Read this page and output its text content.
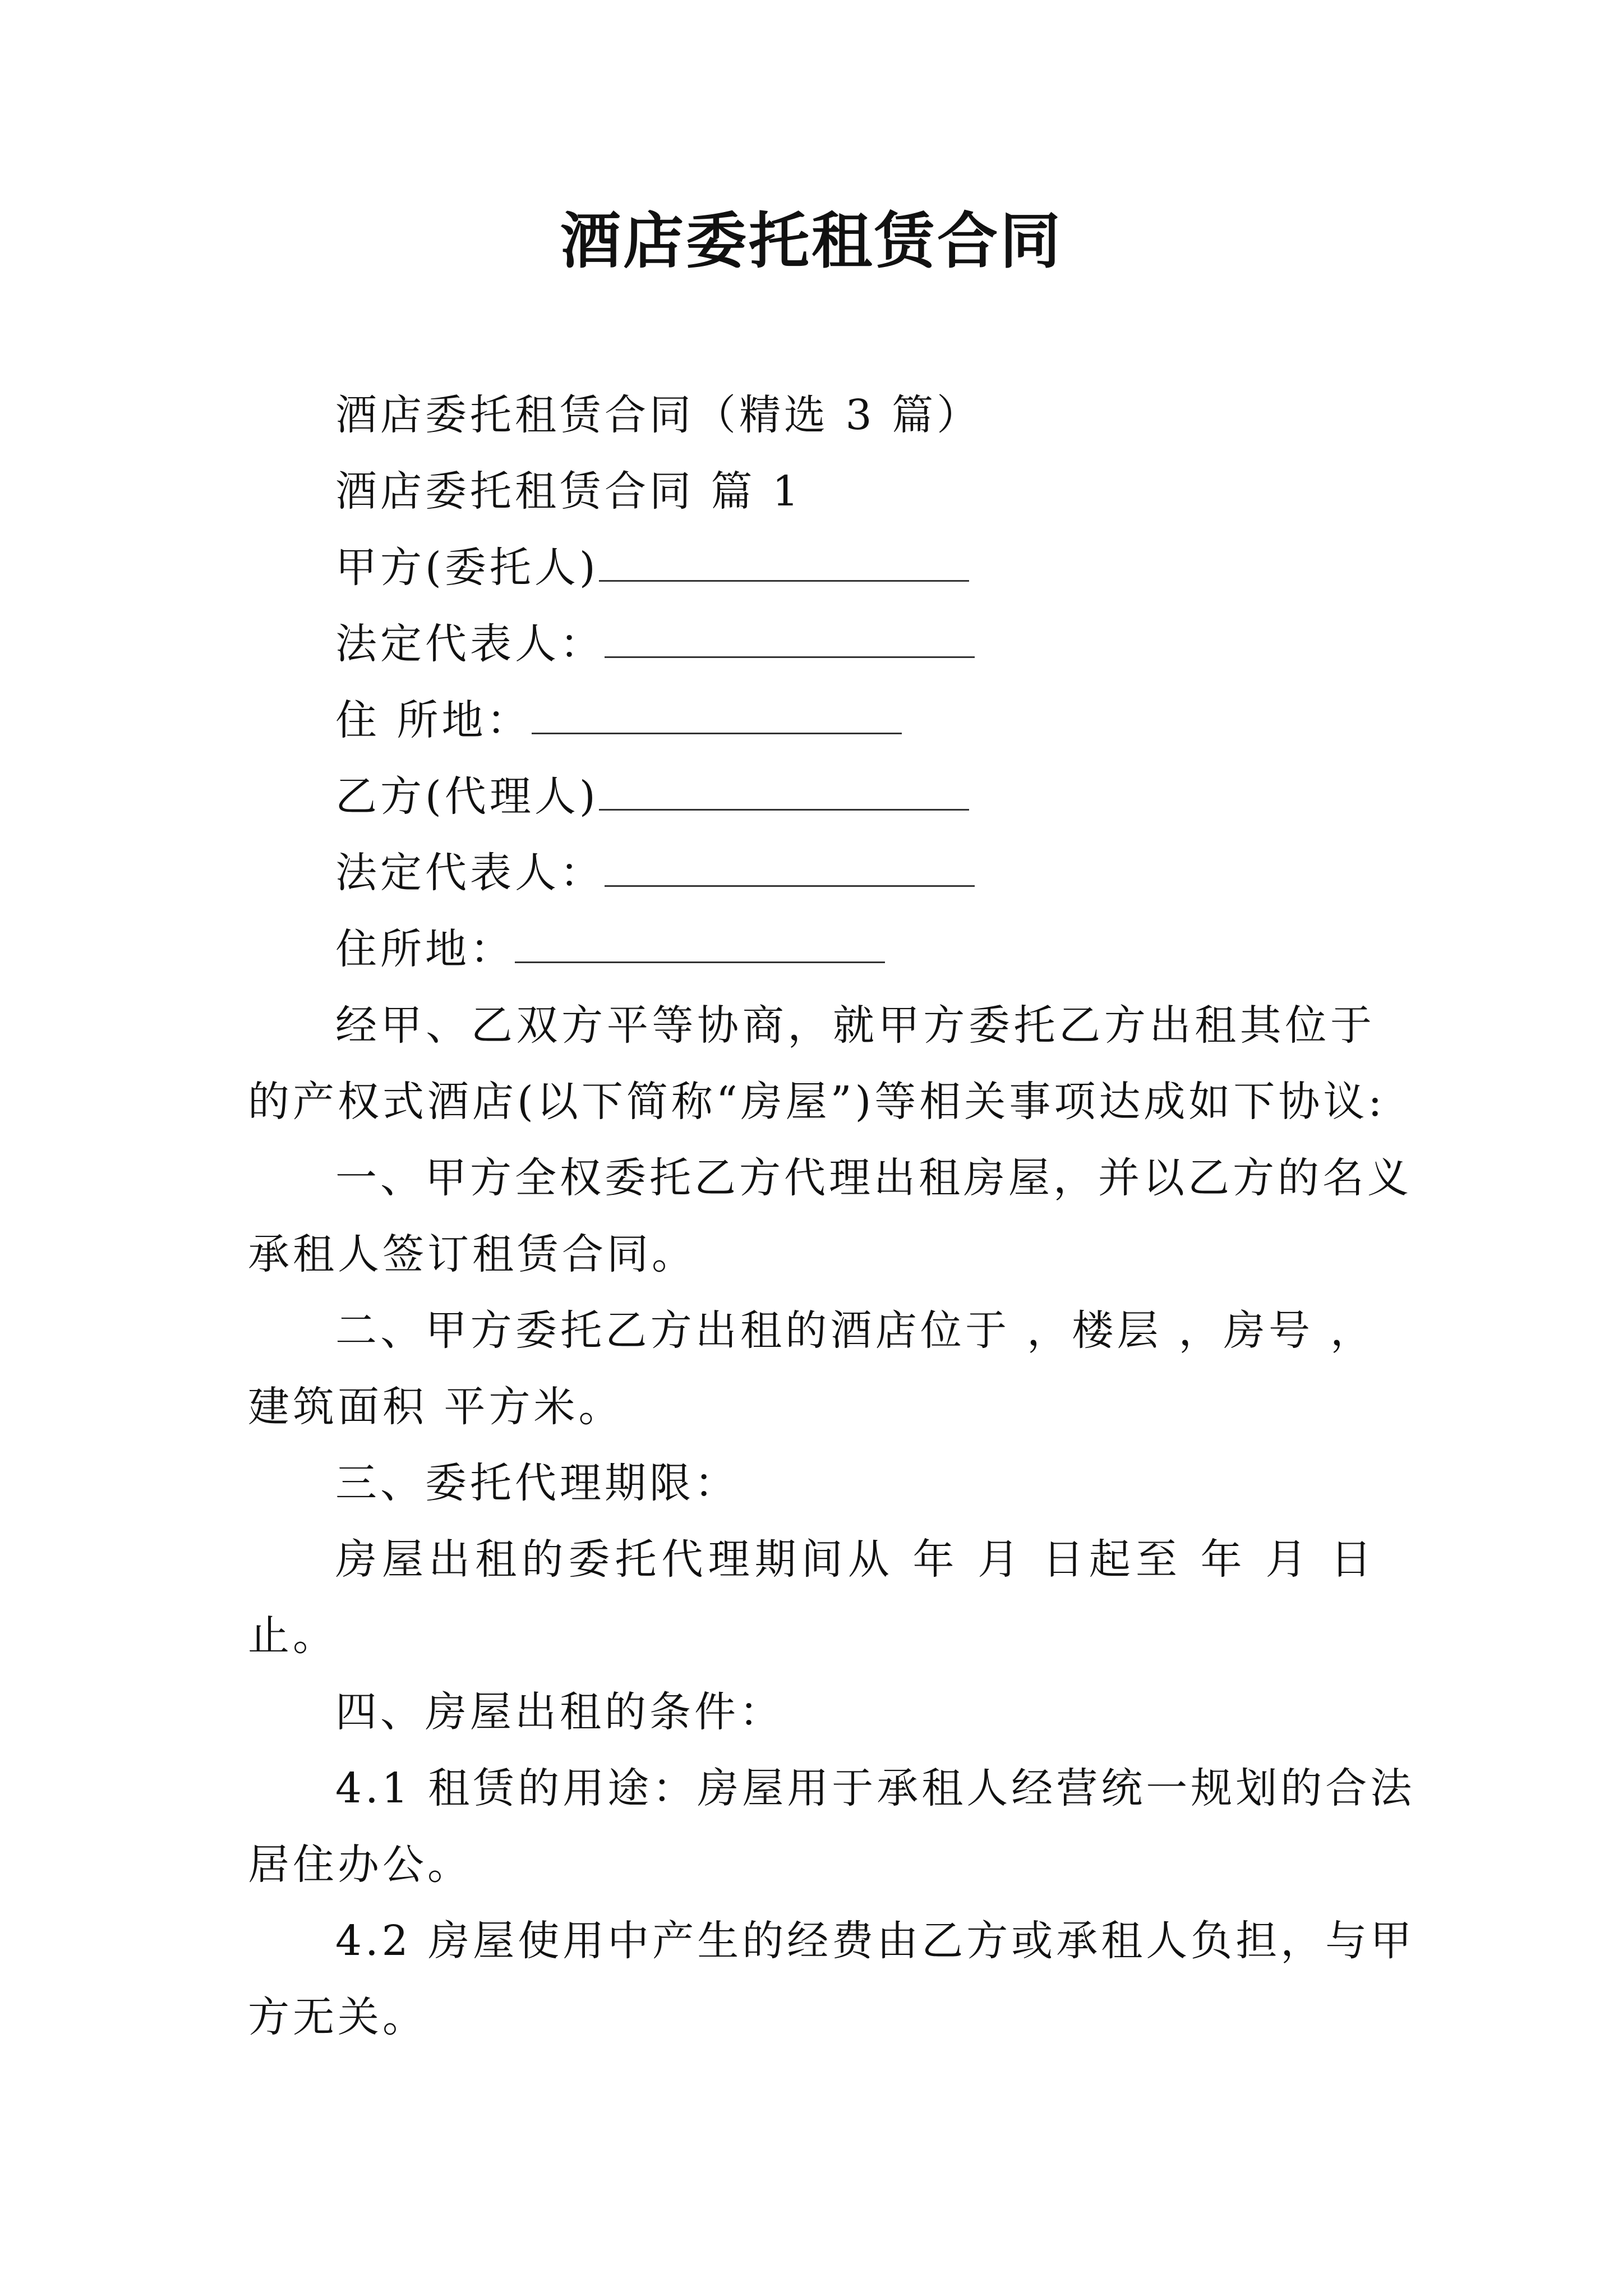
酒店委托租赁合同
酒店委托租赁合同（精选 3 篇）
酒店委托租赁合同 篇 1
甲方(委托人)
法定代表人：
住 所地：
乙方(代理人)
法定代表人：
住所地：
经甲、乙双方平等协商，就甲方委托乙方出租其位于
的产权式酒店(以下简称“房屋”)等相关事项达成如下协议:
一、甲方全权委托乙方代理出租房屋，并以乙方的名义
承租人签订租赁合同。
二、甲方委托乙方出租的酒店位于 ，楼层 ，房号 ，
建筑面积 平方米。
三、委托代理期限：
房屋出租的委托代理期间从 年 月 日起至 年 月 日
止。
四、房屋出租的条件：
4.1 租赁的用途：房屋用于承租人经营统一规划的合法
居住办公。
4.2 房屋使用中产生的经费由乙方或承租人负担，与甲
方无关。
